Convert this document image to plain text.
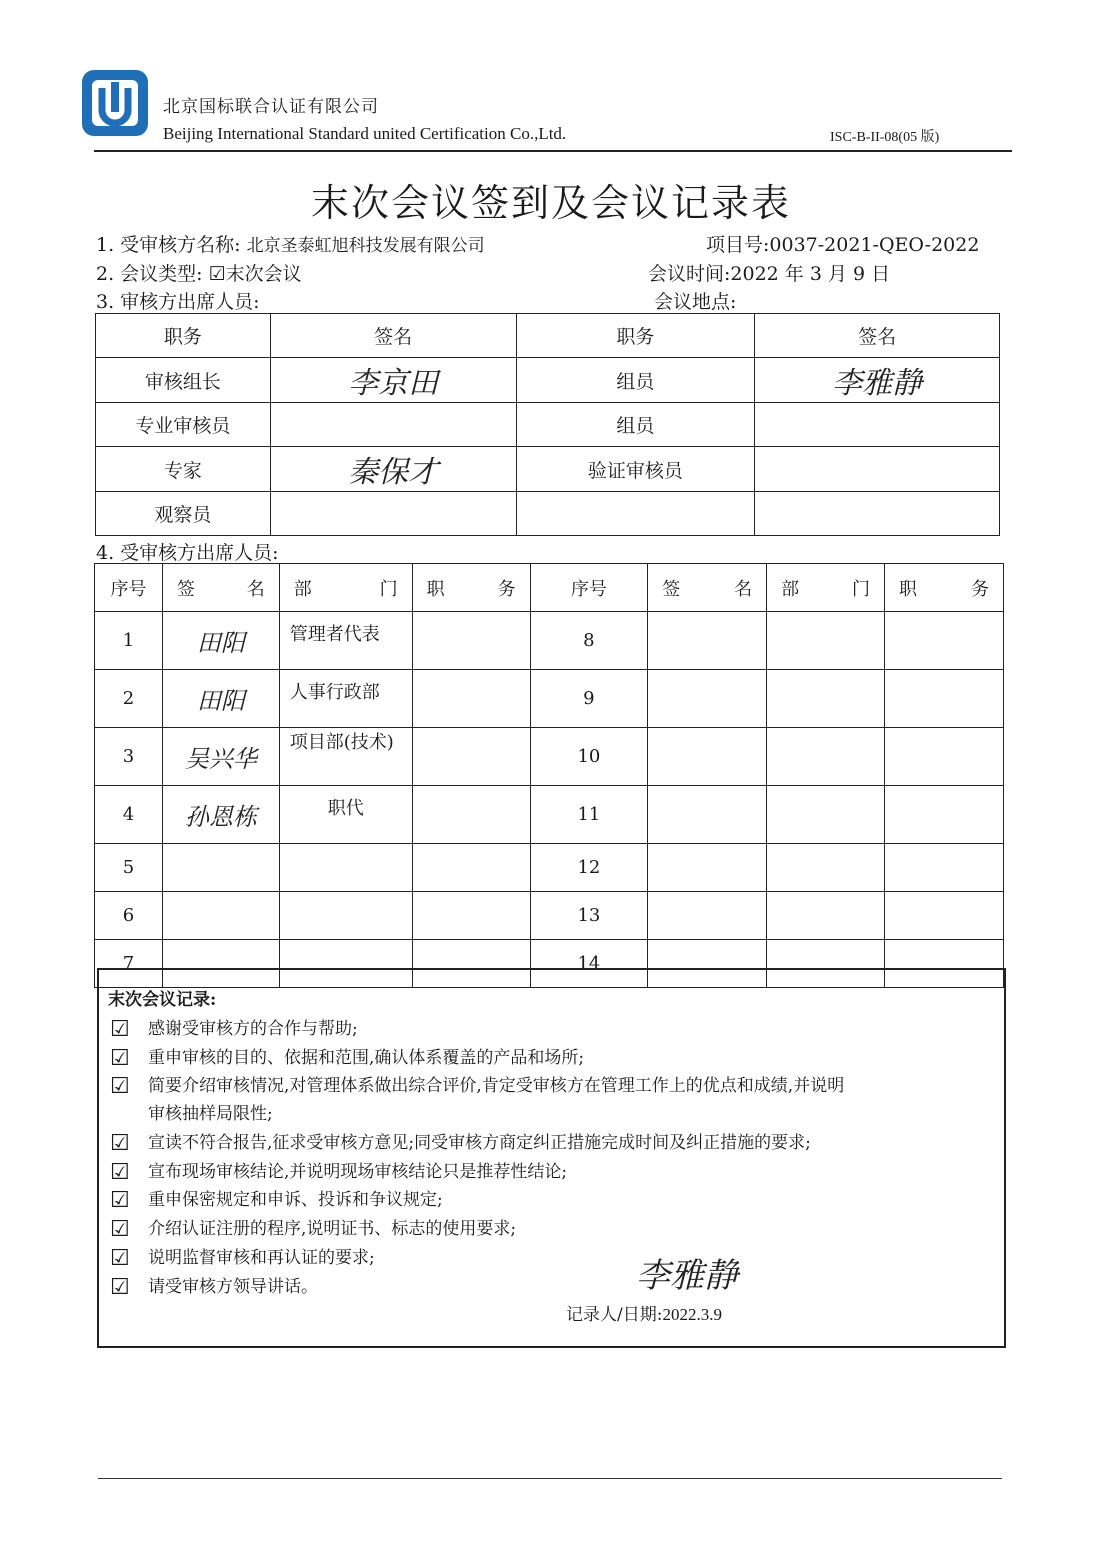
北京国标联合认证有限公司
Beijing International Standard united Certification Co.,Ltd.	ISC-B-II-08(05 版)
末次会议签到及会议记录表
1. 受审核方名称: 北京圣泰虹旭科技发展有限公司	项目号:0037-2021-QEO-2022
2. 会议类型: ☑末次会议	会议时间:2022 年 3 月 9 日
3. 审核方出席人员:	会议地点:
职务	签名	职务	签名
审核组长	李京田	组员	李雅静
专业审核员		组员	
专家	秦保才	验证审核员	
观察员			
4. 受审核方出席人员:
序号	签 名	部 门	职 务	序号	签 名	部 门	职 务

1	田阳	管理者代表		8			
2	田阳	人事行政部		9			
3	吴兴华	项目部(技术)		10			
4	孙恩栋	职代		11			
5				12			
6				13			
7				14			
末次会议记录:
☑ 感谢受审核方的合作与帮助;
☑ 重申审核的目的、依据和范围,确认体系覆盖的产品和场所;
☑ 简要介绍审核情况,对管理体系做出综合评价,肯定受审核方在管理工作上的优点和成绩,并说明
审核抽样局限性;
☑ 宣读不符合报告,征求受审核方意见;同受审核方商定纠正措施完成时间及纠正措施的要求;
☑ 宣布现场审核结论,并说明现场审核结论只是推荐性结论;
☑ 重申保密规定和申诉、投诉和争议规定;
☑ 介绍认证注册的程序,说明证书、标志的使用要求;
☑ 说明监督审核和再认证的要求;
☑ 请受审核方领导讲话。	李雅静
记录人/日期:2022.3.9
